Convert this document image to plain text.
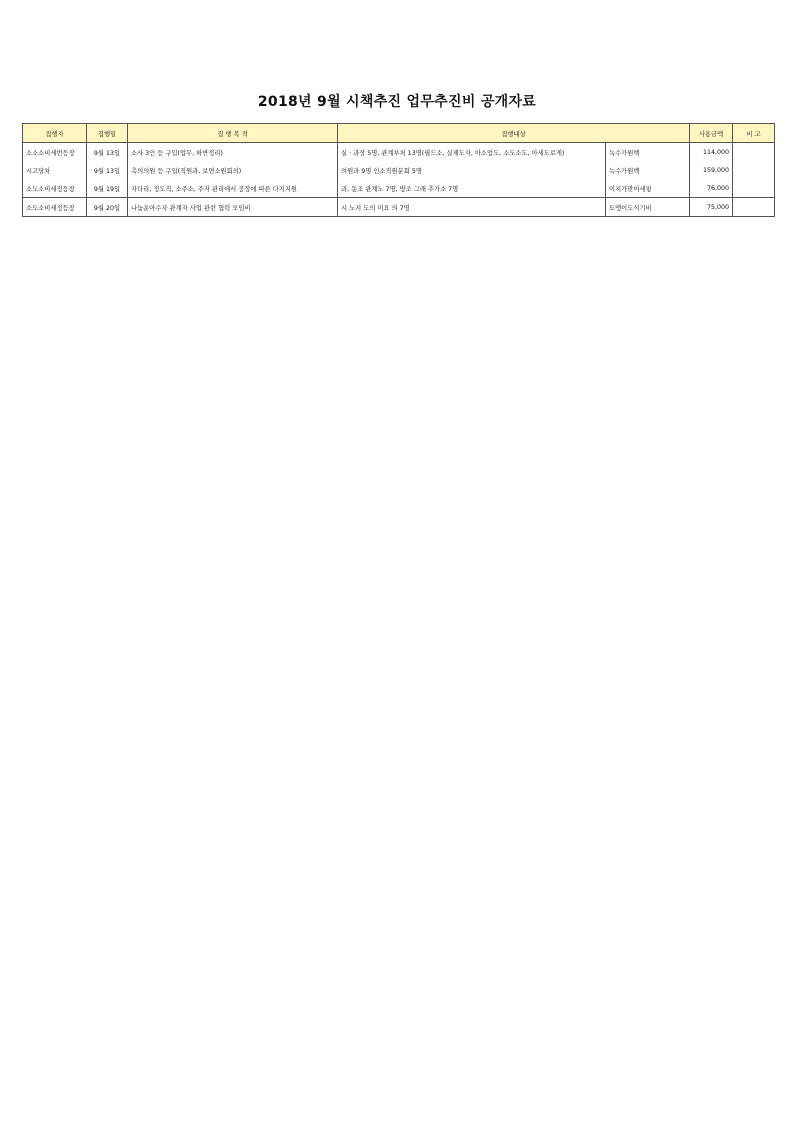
2018년 9월 시책추진 업무추진비 공개자료
집행자	집행일	집 행 목 적	집행대상		사용금액	비 고
소소소비세번등장	9월 13일	소사 3인 등 구입(업무, 하반정리)	실 · 과장 5명, 관계부처 13명(필드소, 실제도자, 아소업도, 소도소도, 아세도로게)	녹수가원백	114,000	
시고당차	9월 13일	촉의의원 등 구입(직원과, 보면소원회의)	의원과 9명 인소직원분회 5명	녹수가원백	159,000	
소도소비세정등장	9월 19일	자다리, 정도직, 소주소, 주자 관리에서 공장에 따른 다지지원	과, 동조 관계노 7명, 방조 그래 추가소 7명	이지가맞이세핑	76,000	
소도소비세정등장	9월 20일	나눔운아수자 관계자 사업 관련 협력 모임비	시 노지 도의 미요 의 7명	도맹이도식기비	75,000	
